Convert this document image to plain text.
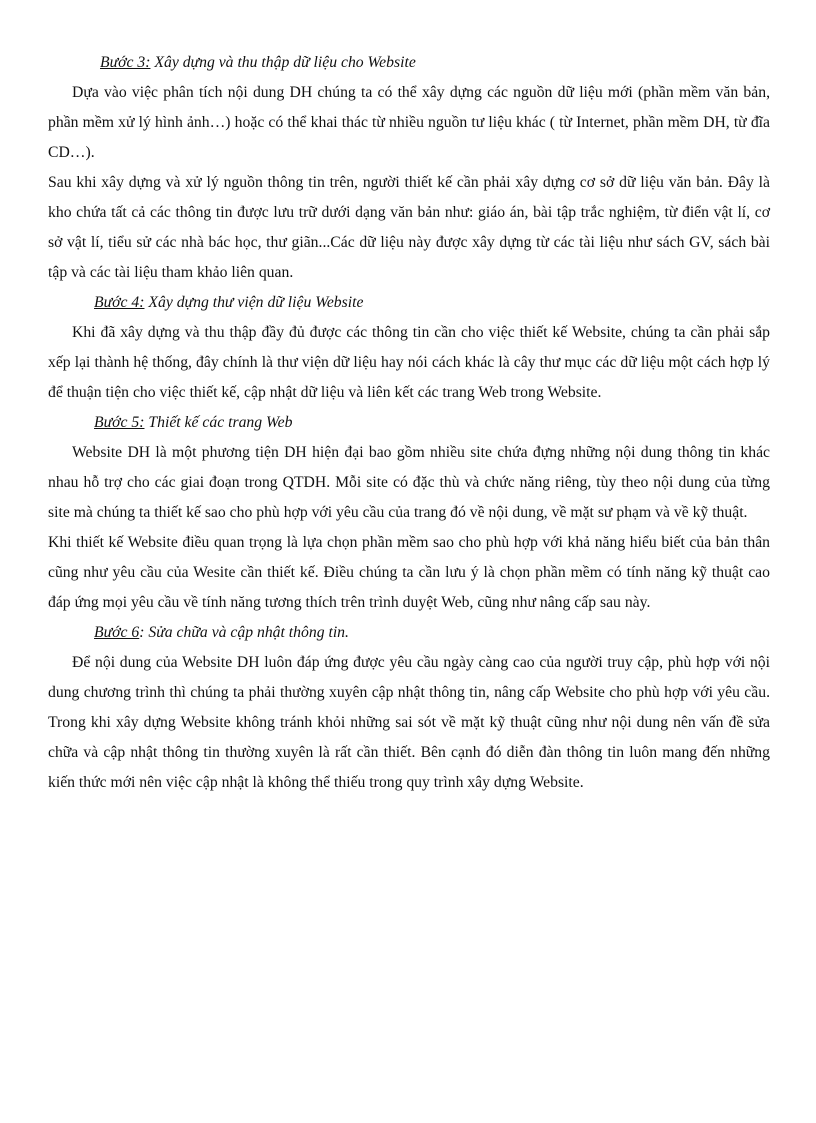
Bước 3: Xây dựng và thu thập dữ liệu cho Website

Dựa vào việc phân tích nội dung DH chúng ta có thể xây dựng các nguồn dữ liệu mới (phần mềm văn bản, phần mềm xử lý hình ảnh…) hoặc có thể khai thác từ nhiều nguồn tư liệu khác ( từ Internet, phần mềm DH, từ đĩa CD…).

Sau khi xây dựng và xử lý nguồn thông tin trên, người thiết kế cần phải xây dựng cơ sở dữ liệu văn bản. Đây là kho chứa tất cả các thông tin được lưu trữ dưới dạng văn bản như: giáo án, bài tập trắc nghiệm, từ điển vật lí, cơ sở vật lí, tiểu sử các nhà bác học, thư giãn...Các dữ liệu này được xây dựng từ các tài liệu như sách GV, sách bài tập và các tài liệu tham khảo liên quan.

Bước 4: Xây dựng thư viện dữ liệu Website

Khi đã xây dựng và thu thập đầy đủ được các thông tin cần cho việc thiết kế Website, chúng ta cần phải sắp xếp lại thành hệ thống, đây chính là thư viện dữ liệu hay nói cách khác là cây thư mục các dữ liệu một cách hợp lý để thuận tiện cho việc thiết kế, cập nhật dữ liệu và liên kết các trang Web trong Website.

Bước 5: Thiết kế các trang Web

Website DH là một phương tiện DH hiện đại bao gồm nhiều site chứa đựng những nội dung thông tin khác nhau hỗ trợ cho các giai đoạn trong QTDH. Mỗi site có đặc thù và chức năng riêng, tùy theo nội dung của từng site mà chúng ta thiết kế sao cho phù hợp với yêu cầu của trang đó về nội dung, về mặt sư phạm và về kỹ thuật.

Khi thiết kế Website điều quan trọng là lựa chọn phần mềm sao cho phù hợp với khả năng hiểu biết của bản thân cũng như yêu cầu của Wesite cần thiết kế. Điều chúng ta cần lưu ý là chọn phần mềm có tính năng kỹ thuật cao đáp ứng mọi yêu cầu về tính năng tương thích trên trình duyệt Web, cũng như nâng cấp sau này.

Bước 6: Sửa chữa và cập nhật thông tin.

Để nội dung của Website DH luôn đáp ứng được yêu cầu ngày càng cao của người truy cập, phù hợp với nội dung chương trình thì chúng ta phải thường xuyên cập nhật thông tin, nâng cấp Website cho phù hợp với yêu cầu. Trong khi xây dựng Website không tránh khỏi những sai sót về mặt kỹ thuật cũng như nội dung nên vấn đề sửa chữa và cập nhật thông tin thường xuyên là rất cần thiết. Bên cạnh đó diễn đàn thông tin luôn mang đến những kiến thức mới nên việc cập nhật là không thể thiếu trong quy trình xây dựng Website.
